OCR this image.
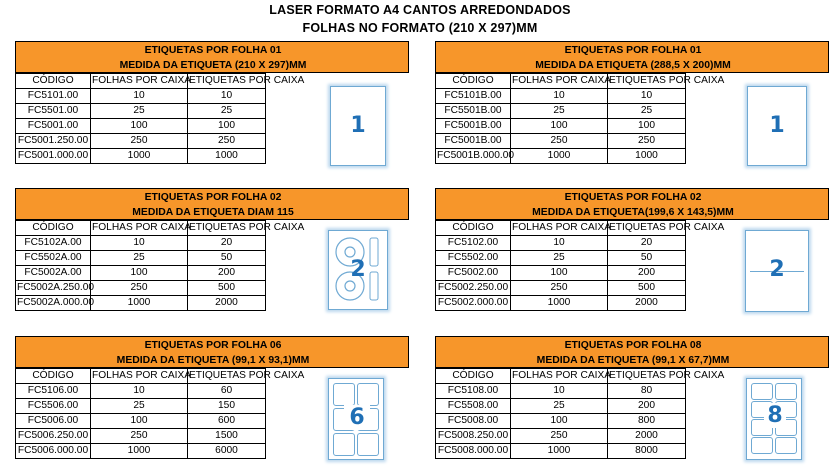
LASER FORMATO A4 CANTOS ARREDONDADOS
FOLHAS NO FORMATO (210 X 297)MM
ETIQUETAS POR FOLHA 01
MEDIDA DA ETIQUETA (210 X 297)MM
CÓDIGO	FOLHAS POR CAIXA	ETIQUETAS POR CAIXA
FC5101.00	10	10
FC5501.00	25	25
FC5001.00	100	100
FC5001.250.00	250	250
FC5001.000.00	1000	1000
1
ETIQUETAS POR FOLHA 01
MEDIDA DA ETIQUETA (288,5 X 200)MM
CÓDIGO	FOLHAS POR CAIXA	ETIQUETAS POR CAIXA
FC5101B.00	10	10
FC5501B.00	25	25
FC5001B.00	100	100
FC5001B.00	250	250
FC5001B.000.00	1000	1000
1
ETIQUETAS POR FOLHA 02
MEDIDA DA ETIQUETA DIAM 115
CÓDIGO	FOLHAS POR CAIXA	ETIQUETAS POR CAIXA
FC5102A.00	10	20
FC5502A.00	25	50
FC5002A.00	100	200
FC5002A.250.00	250	500
FC5002A.000.00	1000	2000
2
ETIQUETAS POR FOLHA 02
MEDIDA DA ETIQUETA(199,6 X 143,5)MM
CÓDIGO	FOLHAS POR CAIXA	ETIQUETAS POR CAIXA
FC5102.00	10	20
FC5502.00	25	50
FC5002.00	100	200
FC5002.250.00	250	500
FC5002.000.00	1000	2000
2
ETIQUETAS POR FOLHA 06
MEDIDA DA ETIQUETA (99,1 X 93,1)MM
CÓDIGO	FOLHAS POR CAIXA	ETIQUETAS POR CAIXA
FC5106.00	10	60
FC5506.00	25	150
FC5006.00	100	600
FC5006.250.00	250	1500
FC5006.000.00	1000	6000
6
ETIQUETAS POR FOLHA 08
MEDIDA DA ETIQUETA (99,1 X 67,7)MM
CÓDIGO	FOLHAS POR CAIXA	ETIQUETAS POR CAIXA
FC5108.00	10	80
FC5508.00	25	200
FC5008.00	100	800
FC5008.250.00	250	2000
FC5008.000.00	1000	8000
8
